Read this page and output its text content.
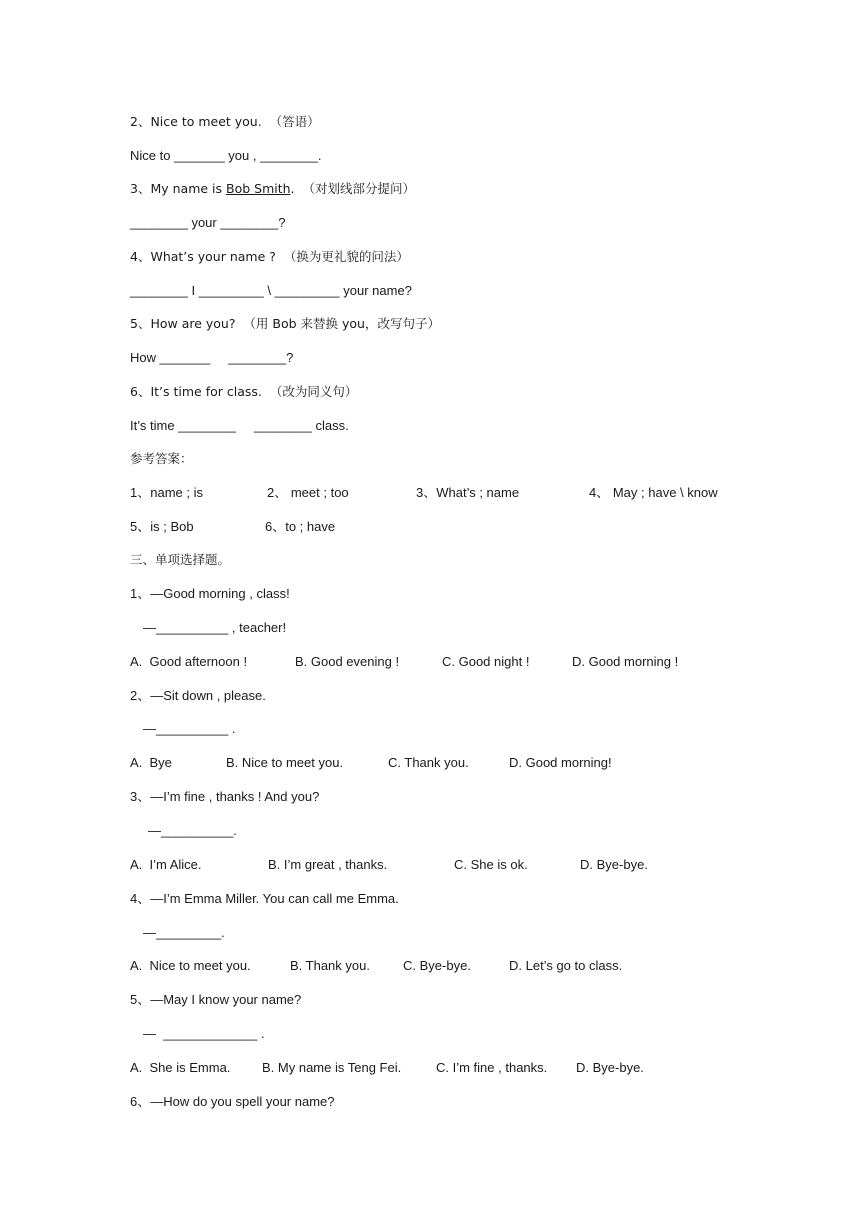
2、Nice to meet you.  （答语）
Nice to _______ you , ________.
3、My name is Bob Smith.  （对划线部分提问）
________ your ________?
4、What’s your name ?  （换为更礼貌的问法）
________ I _________ \ _________ your name?
5、How are you?  （用 Bob 来替换 you，改写句子）
How _______     ________?
6、It’s time for class.  （改为同义句）
It’s time ________     ________ class.
参考答案：
1、name ; is	2、 meet ; too	3、What’s ; name	4、 May ; have \ know
5、is ; Bob	6、to ; have
三、单项选择题。
1、—Good morning , class!
—__________ , teacher!
A.  Good afternoon !	B. Good evening !	C. Good night !	D. Good morning !
2、—Sit down , please.
—__________ .
A.  Bye	B. Nice to meet you.	C. Thank you.	D. Good morning!
3、—I’m fine , thanks ! And you?
—__________.
A.  I’m Alice.	B. I’m great , thanks.	C. She is ok.	D. Bye-bye.
4、—I’m Emma Miller. You can call me Emma.
—_________.
A.  Nice to meet you.	B. Thank you.	C. Bye-bye.	D. Let’s go to class.
5、—May I know your name?
—  _____________ .
A.  She is Emma. B. My name is Teng Fei.	C. I’m fine , thanks. D. Bye-bye.
6、—How do you spell your name?
